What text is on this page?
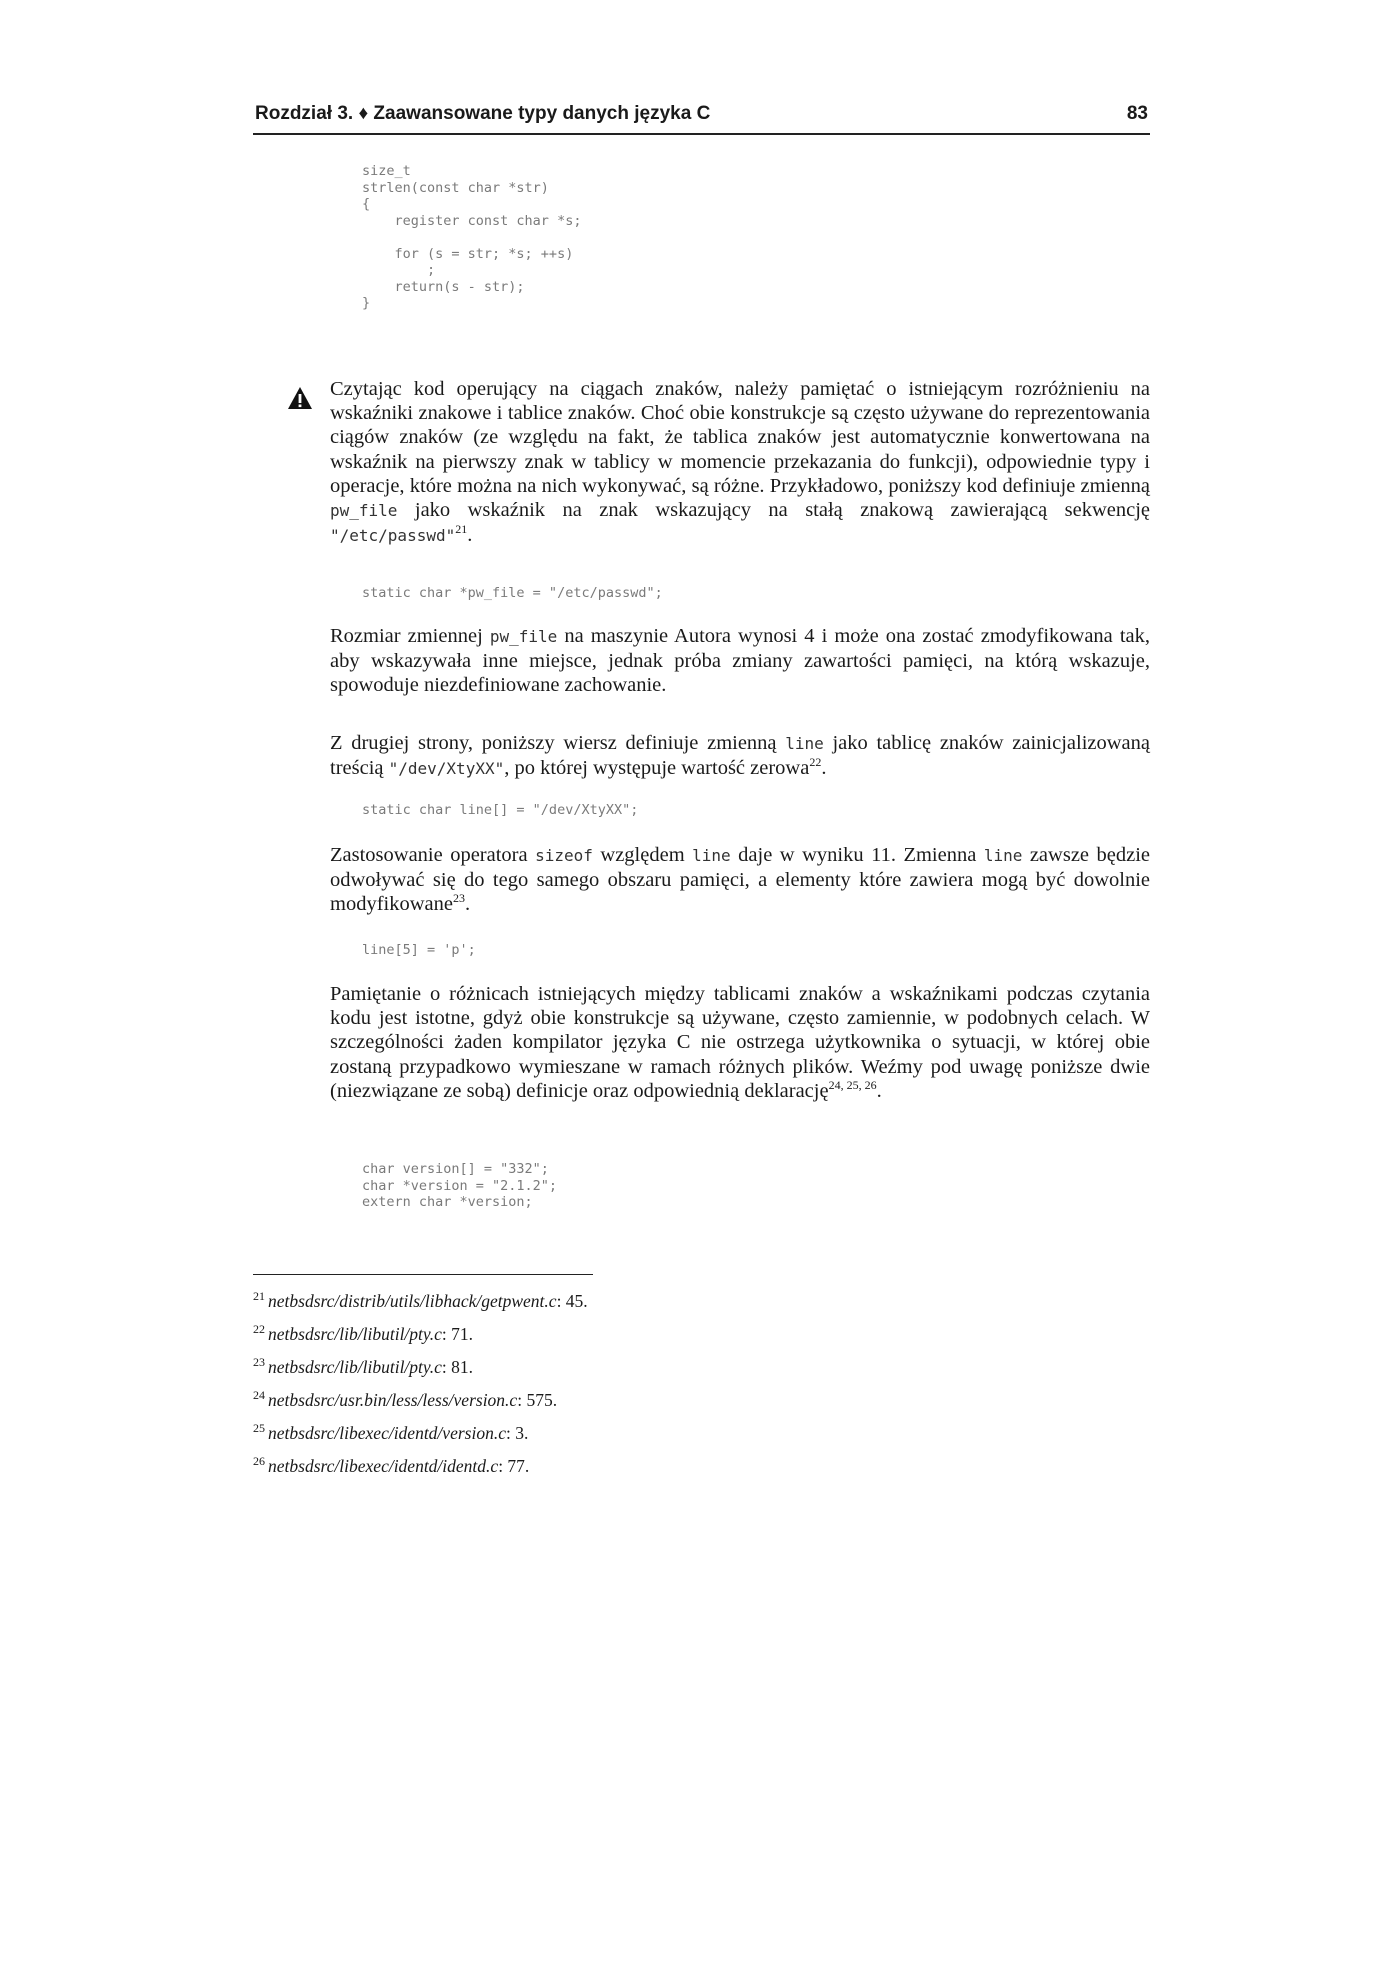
Rozdział 3. ♦ Zaawansowane typy danych języka C	83
size_t
strlen(const char *str)
{
register const char *s;

for (s = str; *s; ++s)
;
return(s - str);
}

Czytając kod operujący na ciągach znaków, należy pamiętać o istniejącym rozróżnieniu na wskaźniki znakowe i tablice znaków. Choć obie konstrukcje są często używane do reprezentowania ciągów znaków (ze względu na fakt, że tablica znaków jest automatycznie konwertowana na wskaźnik na pierwszy znak w tablicy w momencie przekazania do funkcji), odpowiednie typy i operacje, które można na nich wykonywać, są różne. Przykładowo, poniższy kod definiuje zmienną pw_file jako wskaźnik na znak wskazujący na stałą znakową zawierającą sekwencję "/etc/passwd"$^{21}$.

static char *pw_file = "/etc/passwd";

Rozmiar zmiennej pw_file na maszynie Autora wynosi 4 i może ona zostać zmodyfikowana tak, aby wskazywała inne miejsce, jednak próba zmiany zawartości pamięci, na którą wskazuje, spowoduje niezdefiniowane zachowanie.

Z drugiej strony, poniższy wiersz definiuje zmienną line jako tablicę znaków zainicjalizowaną treścią "/dev/XtyXX", po której występuje wartość zerowa$^{22}$.

static char line[] = "/dev/XtyXX";

Zastosowanie operatora sizeof względem line daje w wyniku 11. Zmienna line zawsze będzie odwoływać się do tego samego obszaru pamięci, a elementy które zawiera mogą być dowolnie modyfikowane$^{23}$.

line[5] = 'p';

Pamiętanie o różnicach istniejących między tablicami znaków a wskaźnikami podczas czytania kodu jest istotne, gdyż obie konstrukcje są używane, często zamiennie, w podobnych celach. W szczególności żaden kompilator języka C nie ostrzega użytkownika o sytuacji, w której obie zostaną przypadkowo wymieszane w ramach różnych plików. Weźmy pod uwagę poniższe dwie (niezwiązane ze sobą) definicje oraz odpowiednią deklarację$^{24, 25, 26}$.

char version[] = "332";
char *version = "2.1.2";
extern char *version;
$^{21}$ netbsdsrc/distrib/utils/libhack/getpwent.c: 45.
$^{22}$ netbsdsrc/lib/libutil/pty.c: 71.
$^{23}$ netbsdsrc/lib/libutil/pty.c: 81.
$^{24}$ netbsdsrc/usr.bin/less/less/version.c: 575.
$^{25}$ netbsdsrc/libexec/identd/version.c: 3.
$^{26}$ netbsdsrc/libexec/identd/identd.c: 77.
